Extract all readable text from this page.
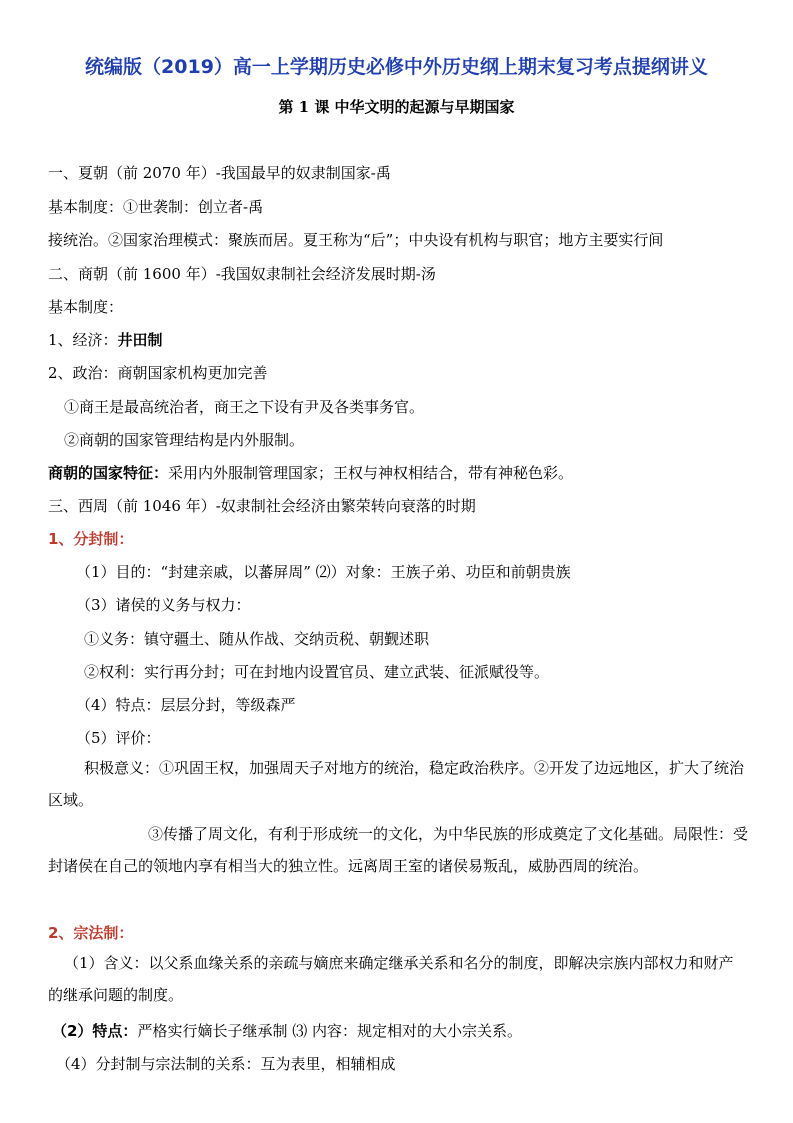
统编版（2019）高一上学期历史必修中外历史纲上期末复习考点提纲讲义
第 1 课 中华文明的起源与早期国家
一、夏朝（前 2070 年）-我国最早的奴隶制国家-禹
基本制度：①世袭制：创立者-禹
接统治。②国家治理模式：聚族而居。夏王称为“后”；中央设有机构与职官；地方主要实行间
二、商朝（前 1600 年）-我国奴隶制社会经济发展时期-汤
基本制度：
1、经济：井田制
2、政治：商朝国家机构更加完善
①商王是最高统治者，商王之下设有尹及各类事务官。
②商朝的国家管理结构是内外服制。
商朝的国家特征：采用内外服制管理国家；王权与神权相结合，带有神秘色彩。
三、西周（前 1046 年）-奴隶制社会经济由繁荣转向衰落的时期
1、分封制：
（1）目的：“封建亲戚，以蕃屏周” ⑵）对象：王族子弟、功臣和前朝贵族
（3）诸侯的义务与权力：
①义务：镇守疆土、随从作战、交纳贡税、朝觐述职
②权利：实行再分封；可在封地内设置官员、建立武装、征派赋役等。
（4）特点：层层分封，等级森严
（5）评价：
积极意义：①巩固王权，加强周天子对地方的统治，稳定政治秩序。②开发了边远地区，扩大了统治区域。
③传播了周文化，有利于形成统一的文化，为中华民族的形成奠定了文化基础。局限性：受封诸侯在自己的领地内享有相当大的独立性。远离周王室的诸侯易叛乱，威胁西周的统治。
2、宗法制：
（1）含义：以父系血缘关系的亲疏与嫡庶来确定继承关系和名分的制度，即解决宗族内部权力和财产的继承问题的制度。
（2）特点：严格实行嫡长子继承制 ⑶ 内容：规定相对的大小宗关系。
（4）分封制与宗法制的关系：互为表里，相辅相成
